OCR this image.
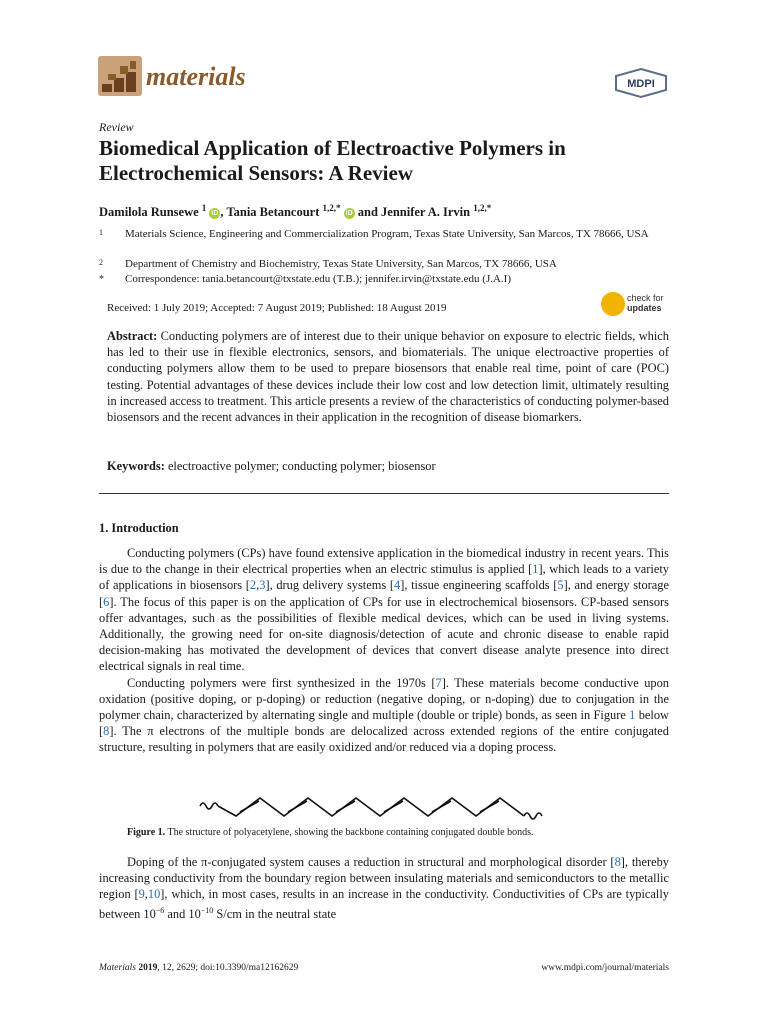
materials	MDPI
Review
Biomedical Application of Electroactive Polymers in Electrochemical Sensors: A Review
Damilola Runsewe $^1$ iD , Tania Betancourt $^{1,2,*}$ iD and Jennifer A. Irvin $^{1,2,*}$
1 Materials Science, Engineering and Commercialization Program, Texas State University, San Marcos, TX 78666, USA
2 Department of Chemistry and Biochemistry, Texas State University, San Marcos, TX 78666, USA
* Correspondence: tania.betancourt@txstate.edu (T.B.); jennifer.irvin@txstate.edu (J.A.I)
Received: 1 July 2019; Accepted: 7 August 2019; Published: 18 August 2019
check for
updates
Abstract: Conducting polymers are of interest due to their unique behavior on exposure to electric fields, which has led to their use in flexible electronics, sensors, and biomaterials. The unique electroactive properties of conducting polymers allow them to be used to prepare biosensors that enable real time, point of care (POC) testing. Potential advantages of these devices include their low cost and low detection limit, ultimately resulting in increased access to treatment. This article presents a review of the characteristics of conducting polymer-based biosensors and the recent advances in their application in the recognition of disease biomarkers.
Keywords: electroactive polymer; conducting polymer; biosensor
1. Introduction

Conducting polymers (CPs) have found extensive application in the biomedical industry in recent years. This is due to the change in their electrical properties when an electric stimulus is applied [1], which leads to a variety of applications in biosensors [2,3], drug delivery systems [4], tissue engineering scaffolds [5], and energy storage [6]. The focus of this paper is on the application of CPs for use in electrochemical biosensors. CP-based sensors offer advantages, such as the possibilities of flexible medical devices, which can be used in living systems. Additionally, the growing need for on-site diagnosis/detection of acute and chronic disease to enable rapid decision-making has motivated the development of devices that convert disease analyte presence into direct electrical signals in real time.

Conducting polymers were first synthesized in the 1970s [7]. These materials become conductive upon oxidation (positive doping, or p-doping) or reduction (negative doping, or n-doping) due to conjugation in the polymer chain, characterized by alternating single and multiple (double or triple) bonds, as seen in Figure 1 below [8]. The π electrons of the multiple bonds are delocalized across extended regions of the entire conjugated structure, resulting in polymers that are easily oxidized and/or reduced via a doping process.

Figure 1. The structure of polyacetylene, showing the backbone containing conjugated double bonds.

Doping of the π-conjugated system causes a reduction in structural and morphological disorder [8], thereby increasing conductivity from the boundary region between insulating materials and semiconductors to the metallic region [9,10], which, in most cases, results in an increase in the conductivity. Conductivities of CPs are typically between $10^{-6}$ and $10^{-10}$ S/cm in the neutral state

Materials 2019, 12, 2629; doi:10.3390/ma12162629	www.mdpi.com/journal/materials
